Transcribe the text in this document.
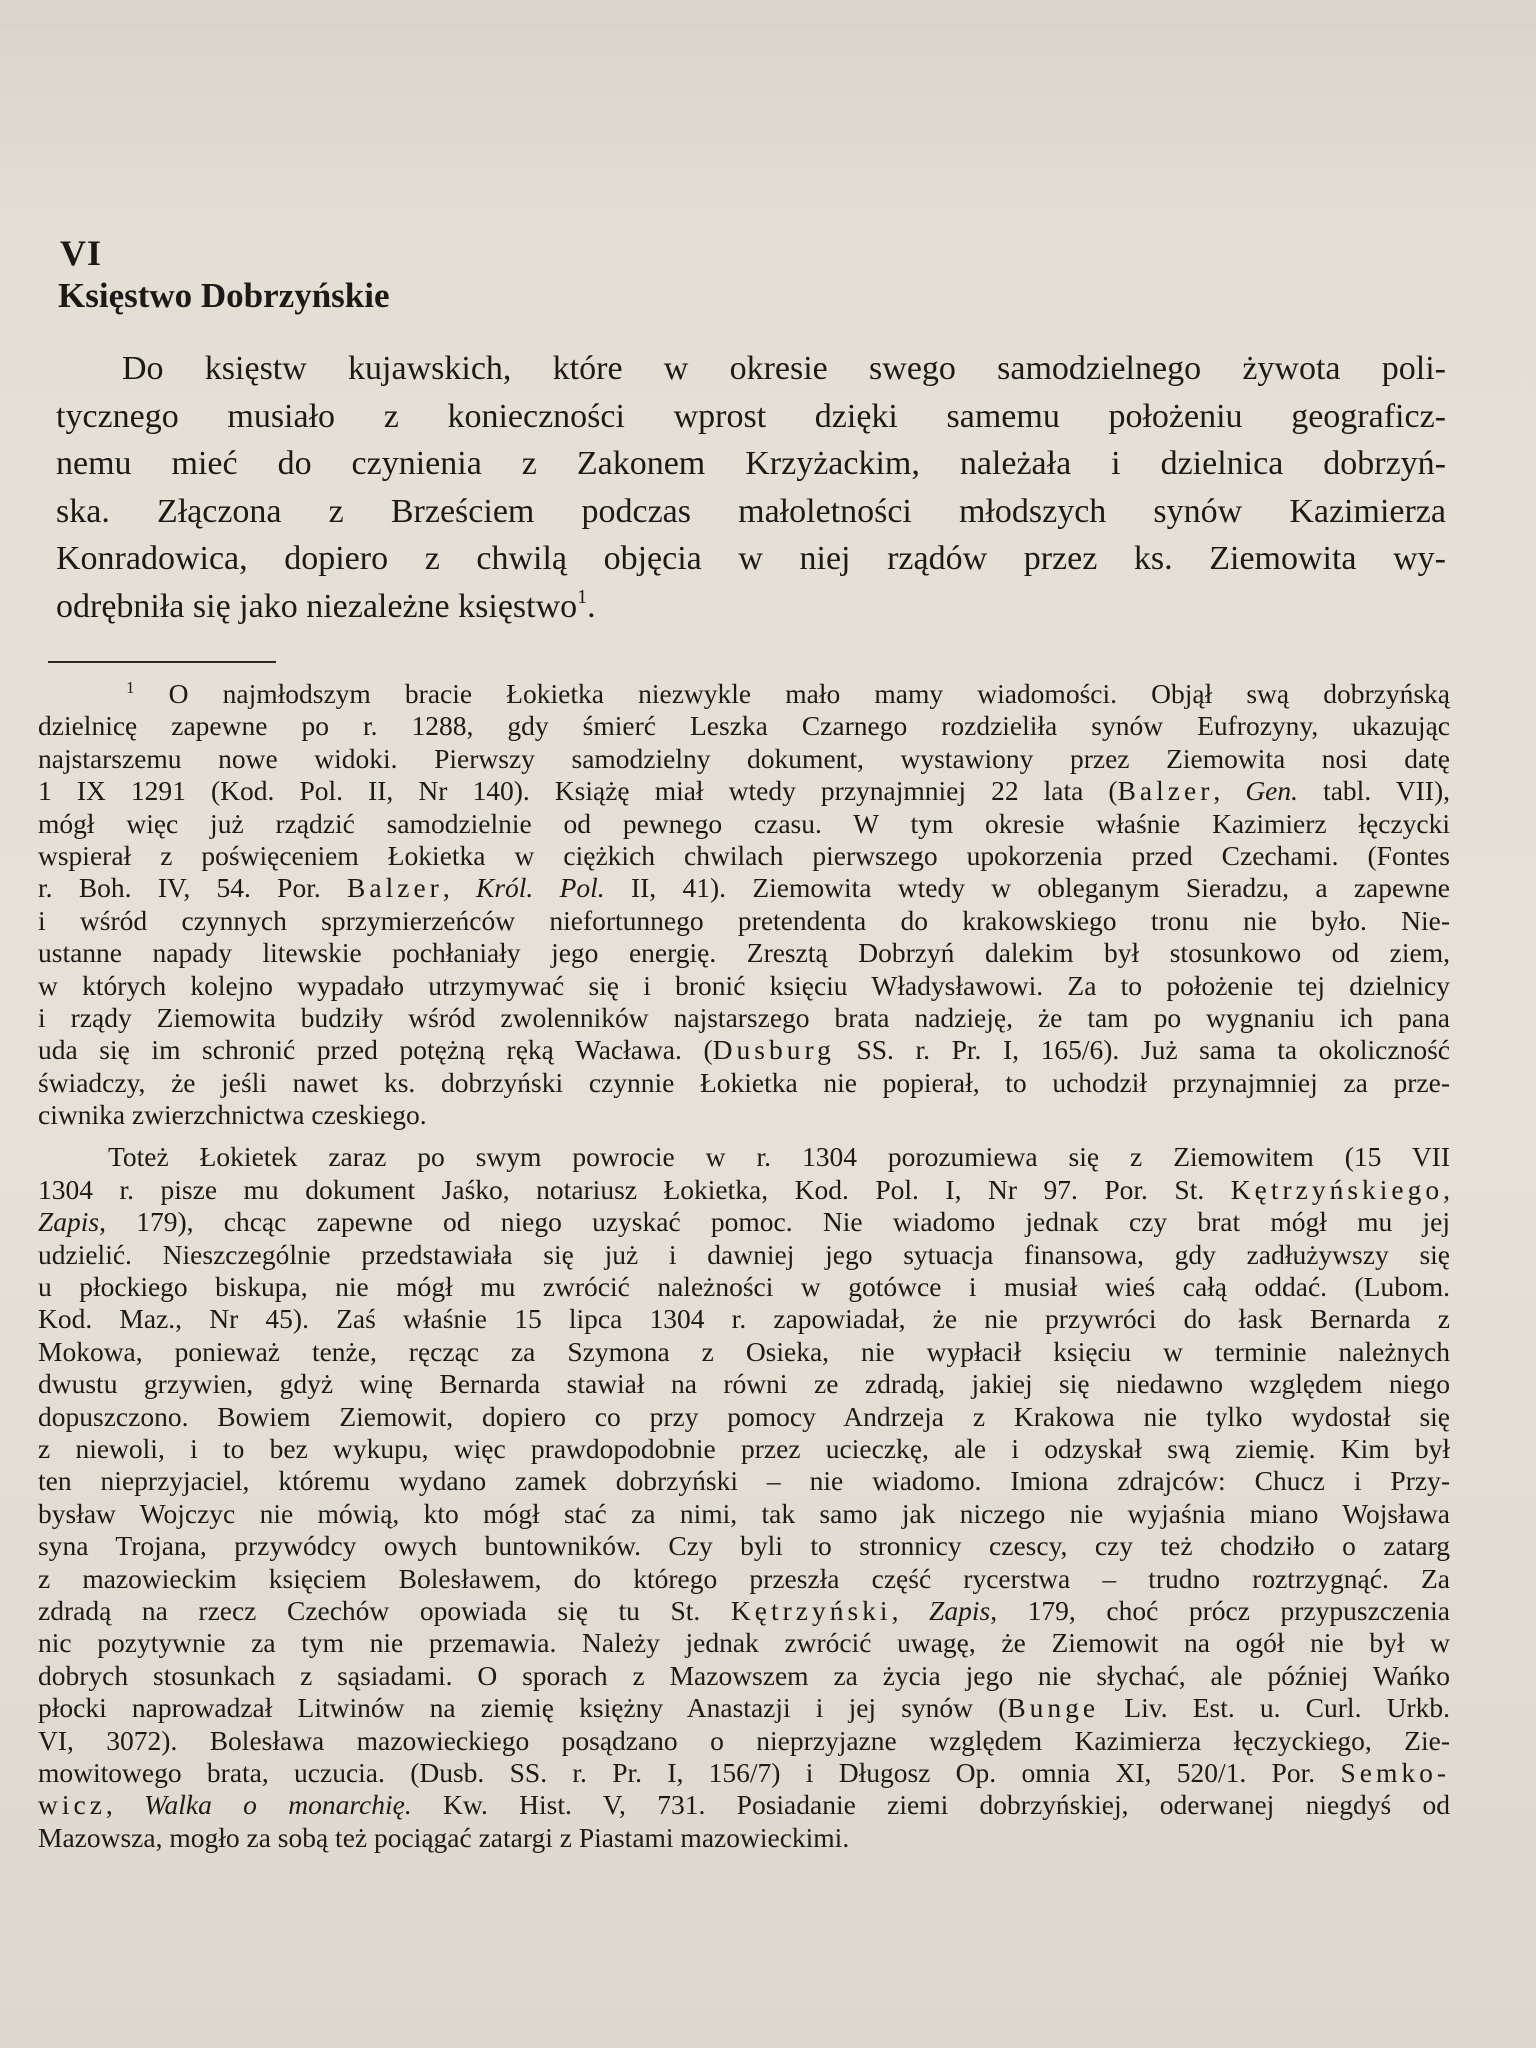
VI
Księstwo Dobrzyńskie
Do księstw kujawskich, które w okresie swego samodzielnego żywota poli-
tycznego musiało z konieczności wprost dzięki samemu położeniu geograficz-
nemu mieć do czynienia z Zakonem Krzyżackim, należała i dzielnica dobrzyń-
ska. Złączona z Brześciem podczas małoletności młodszych synów Kazimierza
Konradowica, dopiero z chwilą objęcia w niej rządów przez ks. Ziemowita wy-
odrębniła się jako niezależne księstwo$^1$.
$^1$ O najmłodszym bracie Łokietka niezwykle mało mamy wiadomości. Objął swą dobrzyńską
dzielnicę zapewne po r. 1288, gdy śmierć Leszka Czarnego rozdzieliła synów Eufrozyny, ukazując
najstarszemu nowe widoki. Pierwszy samodzielny dokument, wystawiony przez Ziemowita nosi datę
1 IX 1291 (Kod. Pol. II, Nr 140). Książę miał wtedy przynajmniej 22 lata (Balzer, Gen. tabl. VII),
mógł więc już rządzić samodzielnie od pewnego czasu. W tym okresie właśnie Kazimierz łęczycki
wspierał z poświęceniem Łokietka w ciężkich chwilach pierwszego upokorzenia przed Czechami. (Fontes
r. Boh. IV, 54. Por. Balzer, Król. Pol. II, 41). Ziemowita wtedy w obleganym Sieradzu, a zapewne
i wśród czynnych sprzymierzeńców niefortunnego pretendenta do krakowskiego tronu nie było. Nie-
ustanne napady litewskie pochłaniały jego energię. Zresztą Dobrzyń dalekim był stosunkowo od ziem,
w których kolejno wypadało utrzymywać się i bronić księciu Władysławowi. Za to położenie tej dzielnicy
i rządy Ziemowita budziły wśród zwolenników najstarszego brata nadzieję, że tam po wygnaniu ich pana
uda się im schronić przed potężną ręką Wacława. (Dusburg SS. r. Pr. I, 165/6). Już sama ta okoliczność
świadczy, że jeśli nawet ks. dobrzyński czynnie Łokietka nie popierał, to uchodził przynajmniej za prze-
ciwnika zwierzchnictwa czeskiego.
Toteż Łokietek zaraz po swym powrocie w r. 1304 porozumiewa się z Ziemowitem (15 VII
1304 r. pisze mu dokument Jaśko, notariusz Łokietka, Kod. Pol. I, Nr 97. Por. St. Kętrzyńskiego,
Zapis, 179), chcąc zapewne od niego uzyskać pomoc. Nie wiadomo jednak czy brat mógł mu jej
udzielić. Nieszczególnie przedstawiała się już i dawniej jego sytuacja finansowa, gdy zadłużywszy się
u płockiego biskupa, nie mógł mu zwrócić należności w gotówce i musiał wieś całą oddać. (Lubom.
Kod. Maz., Nr 45). Zaś właśnie 15 lipca 1304 r. zapowiadał, że nie przywróci do łask Bernarda z
Mokowa, ponieważ tenże, ręcząc za Szymona z Osieka, nie wypłacił księciu w terminie należnych
dwustu grzywien, gdyż winę Bernarda stawiał na równi ze zdradą, jakiej się niedawno względem niego
dopuszczono. Bowiem Ziemowit, dopiero co przy pomocy Andrzeja z Krakowa nie tylko wydostał się
z niewoli, i to bez wykupu, więc prawdopodobnie przez ucieczkę, ale i odzyskał swą ziemię. Kim był
ten nieprzyjaciel, któremu wydano zamek dobrzyński – nie wiadomo. Imiona zdrajców: Chucz i Przy-
bysław Wojczyc nie mówią, kto mógł stać za nimi, tak samo jak niczego nie wyjaśnia miano Wojsława
syna Trojana, przywódcy owych buntowników. Czy byli to stronnicy czescy, czy też chodziło o zatarg
z mazowieckim księciem Bolesławem, do którego przeszła część rycerstwa – trudno roztrzygnąć. Za
zdradą na rzecz Czechów opowiada się tu St. Kętrzyński, Zapis, 179, choć prócz przypuszczenia
nic pozytywnie za tym nie przemawia. Należy jednak zwrócić uwagę, że Ziemowit na ogół nie był w
dobrych stosunkach z sąsiadami. O sporach z Mazowszem za życia jego nie słychać, ale później Wańko
płocki naprowadzał Litwinów na ziemię księżny Anastazji i jej synów (Bunge Liv. Est. u. Curl. Urkb.
VI, 3072). Bolesława mazowieckiego posądzano o nieprzyjazne względem Kazimierza łęczyckiego, Zie-
mowitowego brata, uczucia. (Dusb. SS. r. Pr. I, 156/7) i Długosz Op. omnia XI, 520/1. Por. Semko-
wicz, Walka o monarchię. Kw. Hist. V, 731. Posiadanie ziemi dobrzyńskiej, oderwanej niegdyś od
Mazowsza, mogło za sobą też pociągać zatargi z Piastami mazowieckimi.
